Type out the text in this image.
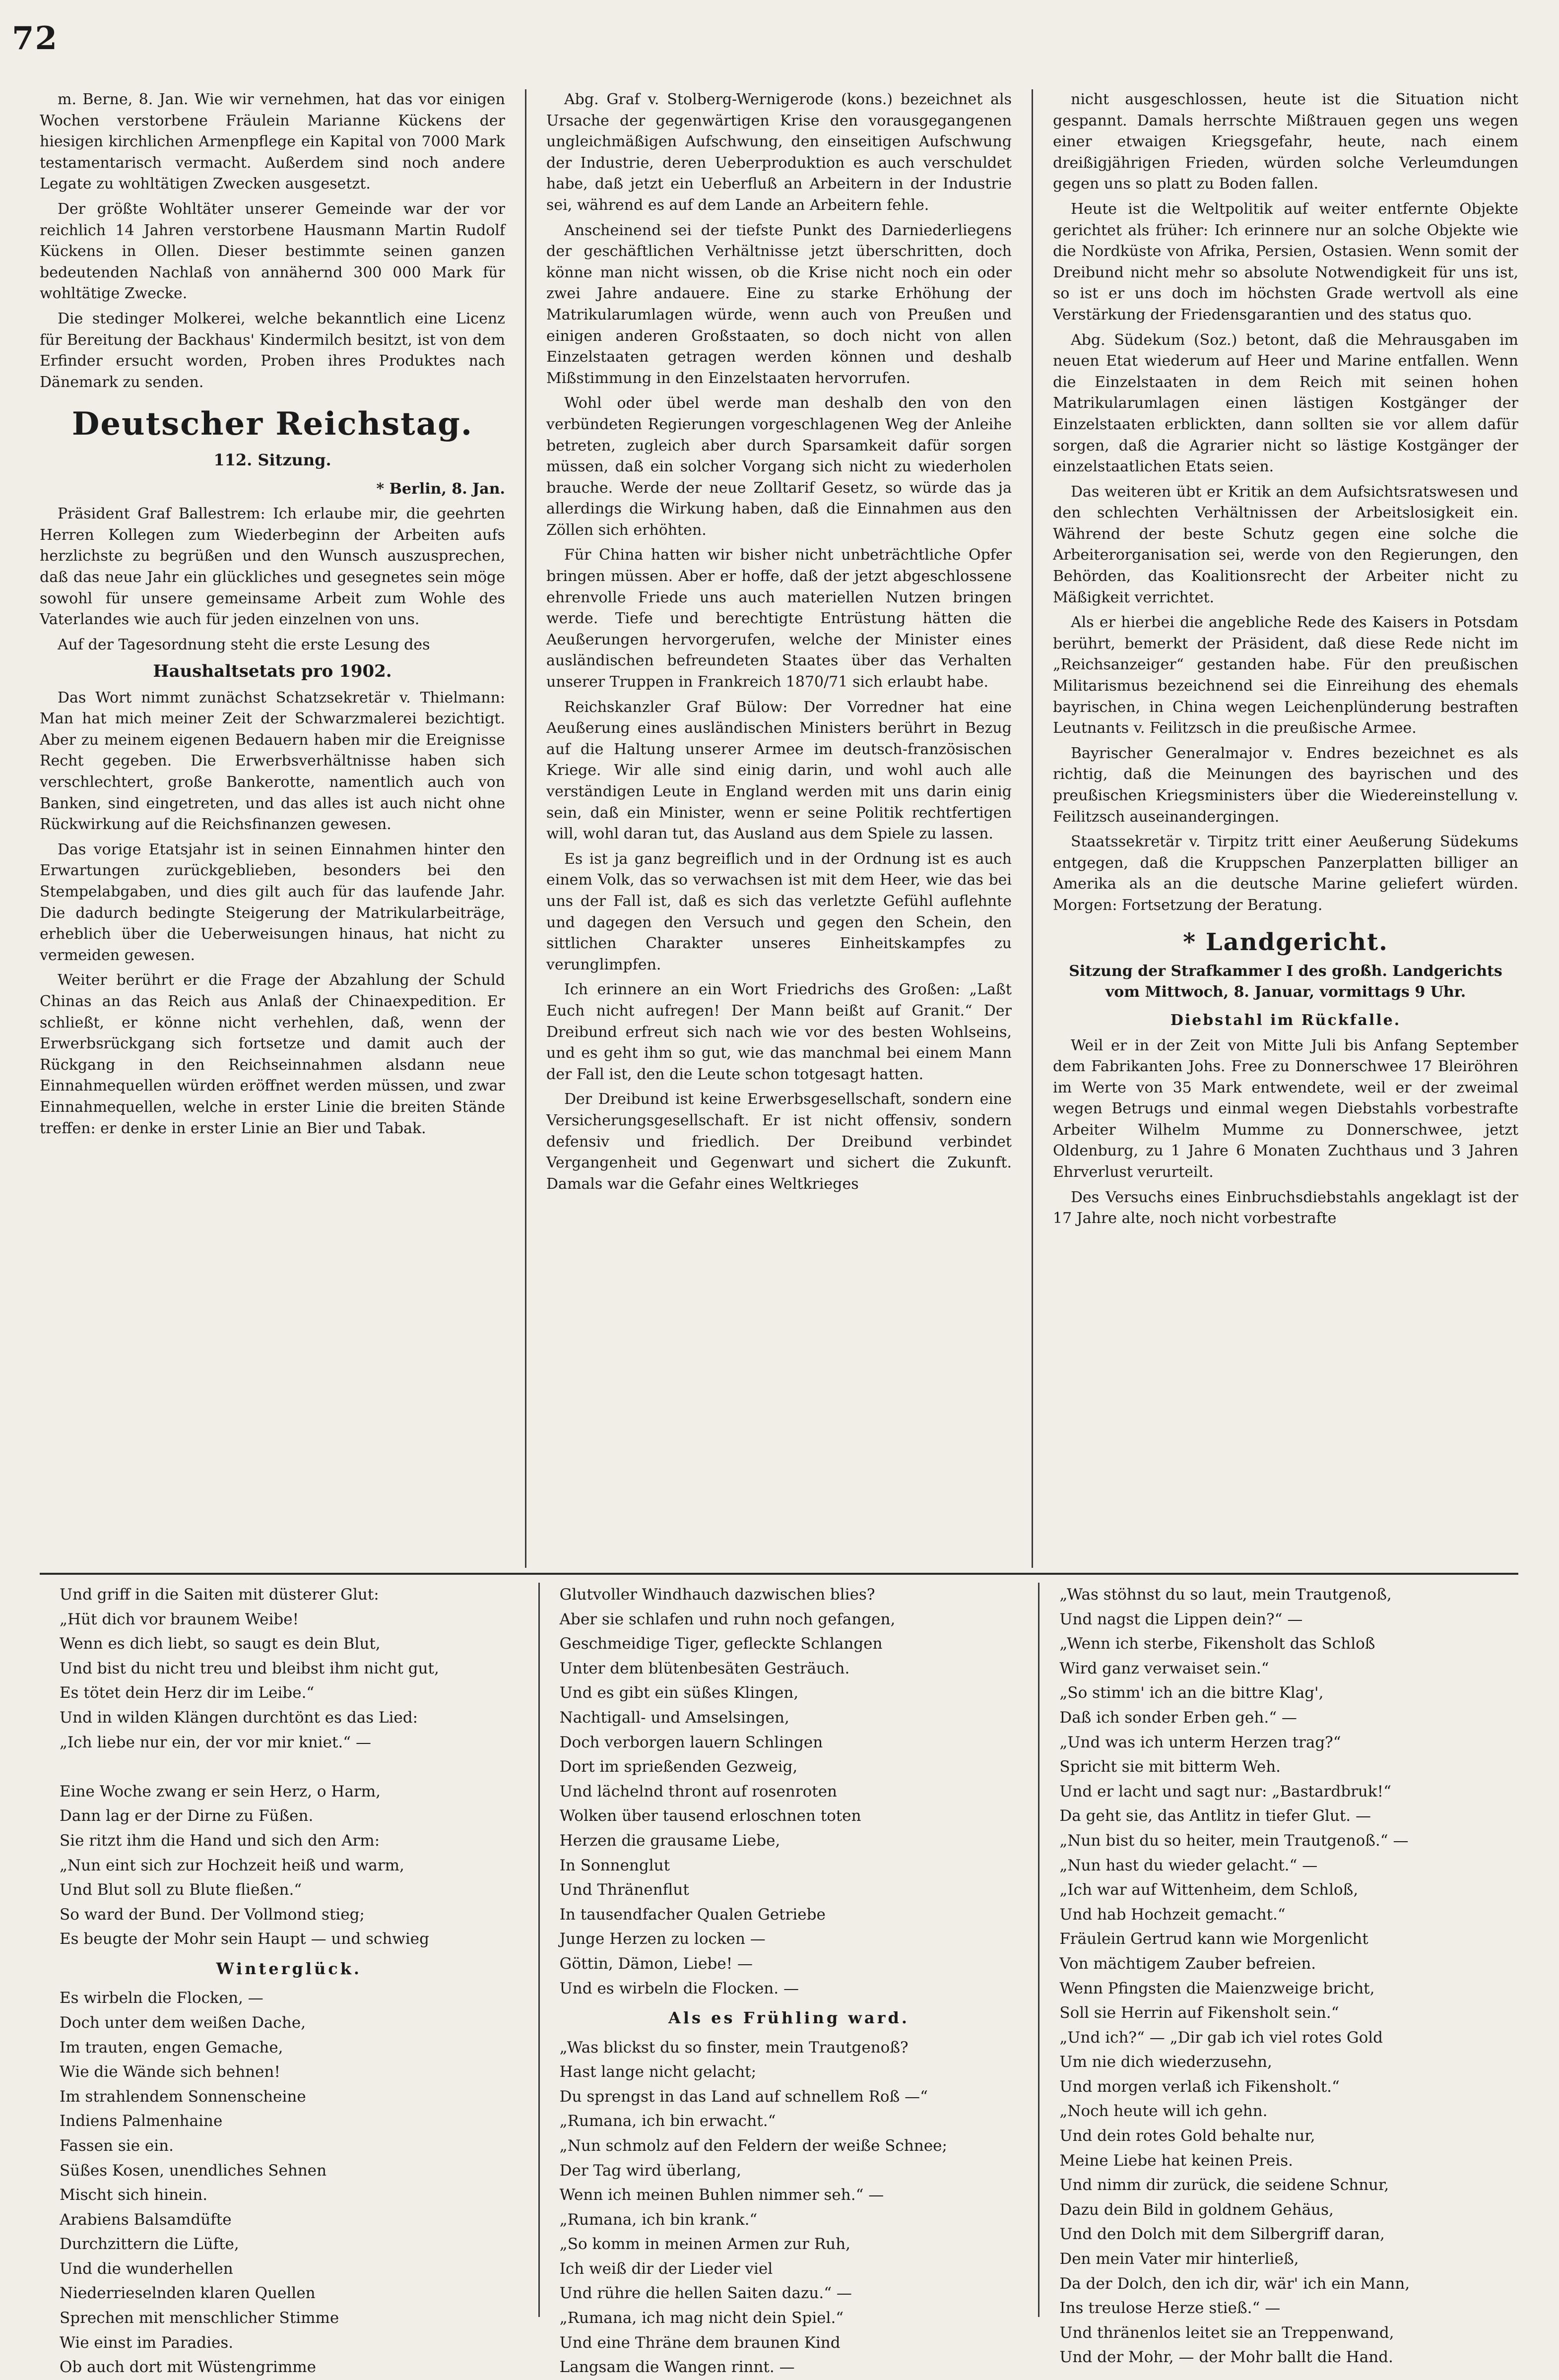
72

m. Berne, 8. Jan. Wie wir vernehmen, hat das vor einigen Wochen verstorbene Fräulein Marianne Kückens der hiesigen kirchlichen Armenpflege ein Kapital von 7000 Mark testamentarisch vermacht. Außerdem sind noch andere Legate zu wohltätigen Zwecken ausgesetzt.

Der größte Wohltäter unserer Gemeinde war der vor reichlich 14 Jahren verstorbene Hausmann Martin Rudolf Kückens in Ollen. Dieser bestimmte seinen ganzen bedeutenden Nachlaß von annähernd 300 000 Mark für wohltätige Zwecke.

Die stedinger Molkerei, welche bekanntlich eine Licenz für Bereitung der Backhaus' Kindermilch besitzt, ist von dem Erfinder ersucht worden, Proben ihres Produktes nach Dänemark zu senden.

Deutscher Reichstag.
112. Sitzung.
* Berlin, 8. Jan.

Präsident Graf Ballestrem: Ich erlaube mir, die geehrten Herren Kollegen zum Wiederbeginn der Arbeiten aufs herzlichste zu begrüßen und den Wunsch auszusprechen, daß das neue Jahr ein glückliches und gesegnetes sein möge sowohl für unsere gemeinsame Arbeit zum Wohle des Vaterlandes wie auch für jeden einzelnen von uns.

Auf der Tagesordnung steht die erste Lesung des

Haushaltsetats pro 1902.

Das Wort nimmt zunächst Schatzsekretär v. Thielmann: Man hat mich meiner Zeit der Schwarzmalerei bezichtigt. Aber zu meinem eigenen Bedauern haben mir die Ereignisse Recht gegeben. Die Erwerbsverhältnisse haben sich verschlechtert, große Bankerotte, namentlich auch von Banken, sind eingetreten, und das alles ist auch nicht ohne Rückwirkung auf die Reichsfinanzen gewesen.

Das vorige Etatsjahr ist in seinen Einnahmen hinter den Erwartungen zurückgeblieben, besonders bei den Stempelabgaben, und dies gilt auch für das laufende Jahr. Die dadurch bedingte Steigerung der Matrikularbeiträge, erheblich über die Ueberweisungen hinaus, hat nicht zu vermeiden gewesen.

Weiter berührt er die Frage der Abzahlung der Schuld Chinas an das Reich aus Anlaß der Chinaexpedition. Er schließt, er könne nicht verhehlen, daß, wenn der Erwerbsrückgang sich fortsetze und damit auch der Rückgang in den Reichseinnahmen alsdann neue Einnahmequellen würden eröffnet werden müssen, und zwar Einnahmequellen, welche in erster Linie die breiten Stände treffen: er denke in erster Linie an Bier und Tabak.

Abg. Graf v. Stolberg-Wernigerode (kons.) bezeichnet als Ursache der gegenwärtigen Krise den vorausgegangenen ungleichmäßigen Aufschwung, den einseitigen Aufschwung der Industrie, deren Ueberproduktion es auch verschuldet habe, daß jetzt ein Ueberfluß an Arbeitern in der Industrie sei, während es auf dem Lande an Arbeitern fehle.

Anscheinend sei der tiefste Punkt des Darniederliegens der geschäftlichen Verhältnisse jetzt überschritten, doch könne man nicht wissen, ob die Krise nicht noch ein oder zwei Jahre andauere. Eine zu starke Erhöhung der Matrikularumlagen würde, wenn auch von Preußen und einigen anderen Großstaaten, so doch nicht von allen Einzelstaaten getragen werden können und deshalb Mißstimmung in den Einzelstaaten hervorrufen.

Wohl oder übel werde man deshalb den von den verbündeten Regierungen vorgeschlagenen Weg der Anleihe betreten, zugleich aber durch Sparsamkeit dafür sorgen müssen, daß ein solcher Vorgang sich nicht zu wiederholen brauche. Werde der neue Zolltarif Gesetz, so würde das ja allerdings die Wirkung haben, daß die Einnahmen aus den Zöllen sich erhöhten.

Für China hatten wir bisher nicht unbeträchtliche Opfer bringen müssen. Aber er hoffe, daß der jetzt abgeschlossene ehrenvolle Friede uns auch materiellen Nutzen bringen werde. Tiefe und berechtigte Entrüstung hätten die Aeußerungen hervorgerufen, welche der Minister eines ausländischen befreundeten Staates über das Verhalten unserer Truppen in Frankreich 1870/71 sich erlaubt habe.

Reichskanzler Graf Bülow: Der Vorredner hat eine Aeußerung eines ausländischen Ministers berührt in Bezug auf die Haltung unserer Armee im deutsch-französischen Kriege. Wir alle sind einig darin, und wohl auch alle verständigen Leute in England werden mit uns darin einig sein, daß ein Minister, wenn er seine Politik rechtfertigen will, wohl daran tut, das Ausland aus dem Spiele zu lassen.

Es ist ja ganz begreiflich und in der Ordnung ist es auch einem Volk, das so verwachsen ist mit dem Heer, wie das bei uns der Fall ist, daß es sich das verletzte Gefühl auflehnte und dagegen den Versuch und gegen den Schein, den sittlichen Charakter unseres Einheitskampfes zu verunglimpfen.

Ich erinnere an ein Wort Friedrichs des Großen: „Laßt Euch nicht aufregen! Der Mann beißt auf Granit.“ Der Dreibund erfreut sich nach wie vor des besten Wohlseins, und es geht ihm so gut, wie das manchmal bei einem Mann der Fall ist, den die Leute schon totgesagt hatten.

Der Dreibund ist keine Erwerbsgesellschaft, sondern eine Versicherungsgesellschaft. Er ist nicht offensiv, sondern defensiv und friedlich. Der Dreibund verbindet Vergangenheit und Gegenwart und sichert die Zukunft. Damals war die Gefahr eines Weltkrieges

nicht ausgeschlossen, heute ist die Situation nicht gespannt. Damals herrschte Mißtrauen gegen uns wegen einer etwaigen Kriegsgefahr, heute, nach einem dreißigjährigen Frieden, würden solche Verleumdungen gegen uns so platt zu Boden fallen.

Heute ist die Weltpolitik auf weiter entfernte Objekte gerichtet als früher: Ich erinnere nur an solche Objekte wie die Nordküste von Afrika, Persien, Ostasien. Wenn somit der Dreibund nicht mehr so absolute Notwendigkeit für uns ist, so ist er uns doch im höchsten Grade wertvoll als eine Verstärkung der Friedensgarantien und des status quo.

Abg. Südekum (Soz.) betont, daß die Mehrausgaben im neuen Etat wiederum auf Heer und Marine entfallen. Wenn die Einzelstaaten in dem Reich mit seinen hohen Matrikularumlagen einen lästigen Kostgänger der Einzelstaaten erblickten, dann sollten sie vor allem dafür sorgen, daß die Agrarier nicht so lästige Kostgänger der einzelstaatlichen Etats seien.

Das weiteren übt er Kritik an dem Aufsichtsratswesen und den schlechten Verhältnissen der Arbeitslosigkeit ein. Während der beste Schutz gegen eine solche die Arbeiterorganisation sei, werde von den Regierungen, den Behörden, das Koalitionsrecht der Arbeiter nicht zu Mäßigkeit verrichtet.

Als er hierbei die angebliche Rede des Kaisers in Potsdam berührt, bemerkt der Präsident, daß diese Rede nicht im „Reichsanzeiger“ gestanden habe. Für den preußischen Militarismus bezeichnend sei die Einreihung des ehemals bayrischen, in China wegen Leichenplünderung bestraften Leutnants v. Feilitzsch in die preußische Armee.

Bayrischer Generalmajor v. Endres bezeichnet es als richtig, daß die Meinungen des bayrischen und des preußischen Kriegsministers über die Wiedereinstellung v. Feilitzsch auseinandergingen.

Staatssekretär v. Tirpitz tritt einer Aeußerung Südekums entgegen, daß die Kruppschen Panzerplatten billiger an Amerika als an die deutsche Marine geliefert würden. Morgen: Fortsetzung der Beratung.

* Landgericht.
Sitzung der Strafkammer I des großh. Landgerichts vom Mittwoch, 8. Januar, vormittags 9 Uhr.
Diebstahl im Rückfalle.

Weil er in der Zeit von Mitte Juli bis Anfang September dem Fabrikanten Johs. Free zu Donnerschwee 17 Bleiröhren im Werte von 35 Mark entwendete, weil er der zweimal wegen Betrugs und einmal wegen Diebstahls vorbestrafte Arbeiter Wilhelm Mumme zu Donnerschwee, jetzt Oldenburg, zu 1 Jahre 6 Monaten Zuchthaus und 3 Jahren Ehrverlust verurteilt.

Des Versuchs eines Einbruchsdiebstahls angeklagt ist der 17 Jahre alte, noch nicht vorbestrafte

Und griff in die Saiten mit düsterer Glut:
„Hüt dich vor braunem Weibe!
Wenn es dich liebt, so saugt es dein Blut,
Und bist du nicht treu und bleibst ihm nicht gut,
Es tötet dein Herz dir im Leibe.“
Und in wilden Klängen durchtönt es das Lied:
„Ich liebe nur ein, der vor mir kniet.“ —

Eine Woche zwang er sein Herz, o Harm,
Dann lag er der Dirne zu Füßen.
Sie ritzt ihm die Hand und sich den Arm:
„Nun eint sich zur Hochzeit heiß und warm,
Und Blut soll zu Blute fließen.“
So ward der Bund. Der Vollmond stieg;
Es beugte der Mohr sein Haupt — und schwieg
Winterglück.
Es wirbeln die Flocken, —
Doch unter dem weißen Dache,
Im trauten, engen Gemache,
Wie die Wände sich behnen!
Im strahlendem Sonnenscheine
Indiens Palmenhaine
Fassen sie ein.
Süßes Kosen, unendliches Sehnen
Mischt sich hinein.
Arabiens Balsamdüfte
Durchzittern die Lüfte,
Und die wunderhellen
Niederrieselnden klaren Quellen
Sprechen mit menschlicher Stimme
Wie einst im Paradies.
Ob auch dort mit Wüstengrimme
Glutvoller Windhauch dazwischen blies?
Aber sie schlafen und ruhn noch gefangen,
Geschmeidige Tiger, gefleckte Schlangen
Unter dem blütenbesäten Gesträuch.
Und es gibt ein süßes Klingen,
Nachtigall- und Amselsingen,
Doch verborgen lauern Schlingen
Dort im sprießenden Gezweig,
Und lächelnd thront auf rosenroten
Wolken über tausend erloschnen toten
Herzen die grausame Liebe,
In Sonnenglut
Und Thränenflut
In tausendfacher Qualen Getriebe
Junge Herzen zu locken —
Göttin, Dämon, Liebe! —
Und es wirbeln die Flocken. —
Als es Frühling ward.
„Was blickst du so finster, mein Trautgenoß?
Hast lange nicht gelacht;
Du sprengst in das Land auf schnellem Roß —“
„Rumana, ich bin erwacht.“
„Nun schmolz auf den Feldern der weiße Schnee;
Der Tag wird überlang,
Wenn ich meinen Buhlen nimmer seh.“ —
„Rumana, ich bin krank.“
„So komm in meinen Armen zur Ruh,
Ich weiß dir der Lieder viel
Und rühre die hellen Saiten dazu.“ —
„Rumana, ich mag nicht dein Spiel.“
Und eine Thräne dem braunen Kind
Langsam die Wangen rinnt. —
„Was stöhnst du so laut, mein Trautgenoß,
Und nagst die Lippen dein?“ —
„Wenn ich sterbe, Fikensholt das Schloß
Wird ganz verwaiset sein.“
„So stimm' ich an die bittre Klag',
Daß ich sonder Erben geh.“ —
„Und was ich unterm Herzen trag?“
Spricht sie mit bitterm Weh.
Und er lacht und sagt nur: „Bastardbruk!“
Da geht sie, das Antlitz in tiefer Glut. —
„Nun bist du so heiter, mein Trautgenoß.“ —
„Nun hast du wieder gelacht.“ —
„Ich war auf Wittenheim, dem Schloß,
Und hab Hochzeit gemacht.“
Fräulein Gertrud kann wie Morgenlicht
Von mächtigem Zauber befreien.
Wenn Pfingsten die Maienzweige bricht,
Soll sie Herrin auf Fikensholt sein.“
„Und ich?“ — „Dir gab ich viel rotes Gold
Um nie dich wiederzusehn,
Und morgen verlaß ich Fikensholt.“
„Noch heute will ich gehn.
Und dein rotes Gold behalte nur,
Meine Liebe hat keinen Preis.
Und nimm dir zurück, die seidene Schnur,
Dazu dein Bild in goldnem Gehäus,
Und den Dolch mit dem Silbergriff daran,
Den mein Vater mir hinterließ,
Da der Dolch, den ich dir, wär' ich ein Mann,
Ins treulose Herze stieß.“ —
Und thränenlos leitet sie an Treppenwand,
Und der Mohr, — der Mohr ballt die Hand.
